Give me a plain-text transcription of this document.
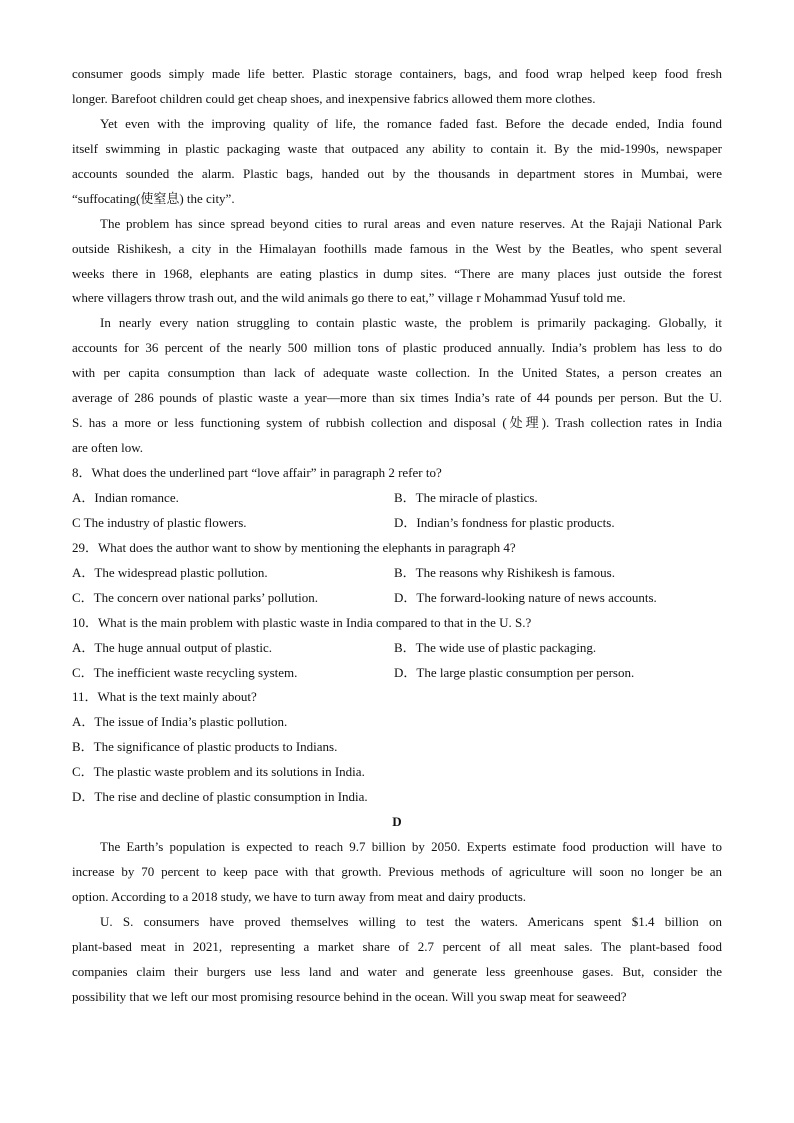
consumer goods simply made life better. Plastic storage containers, bags, and food wrap helped keep food fresh
longer. Barefoot children could get cheap shoes, and inexpensive fabrics allowed them more clothes.
Yet even with the improving quality of life, the romance faded fast. Before the decade ended, India found
itself swimming in plastic packaging waste that outpaced any ability to contain it. By the mid-1990s, newspaper
accounts sounded the alarm. Plastic bags, handed out by the thousands in department stores in Mumbai, were
“suffocating(使窒息) the city”.
The problem has since spread beyond cities to rural areas and even nature reserves. At the Rajaji National Park
outside Rishikesh, a city in the Himalayan foothills made famous in the West by the Beatles, who spent several
weeks there in 1968, elephants are eating plastics in dump sites. “There are many places just outside the forest
where villagers throw trash out, and the wild animals go there to eat,” village r Mohammad Yusuf told me.
In nearly every nation struggling to contain plastic waste, the problem is primarily packaging. Globally, it
accounts for 36 percent of the nearly 500 million tons of plastic produced annually. India’s problem has less to do
with per capita consumption than lack of adequate waste collection. In the United States, a person creates an
average of 286 pounds of plastic waste a year—more than six times India’s rate of 44 pounds per person. But the U.
S. has a more or less functioning system of rubbish collection and disposal (处理). Trash collection rates in India
are often low.
8．What does the underlined part “love affair” in paragraph 2 refer to?
A．Indian romance.	B．The miracle of plastics.
C The industry of plastic flowers.	D．Indian’s fondness for plastic products.
29．What does the author want to show by mentioning the elephants in paragraph 4?
A．The widespread plastic pollution.	B．The reasons why Rishikesh is famous.
C．The concern over national parks’ pollution.	D．The forward-looking nature of news accounts.
10．What is the main problem with plastic waste in India compared to that in the U. S.?
A．The huge annual output of plastic.	B．The wide use of plastic packaging.
C．The inefficient waste recycling system.	D．The large plastic consumption per person.
11．What is the text mainly about?
A．The issue of India’s plastic pollution.
B．The significance of plastic products to Indians.
C．The plastic waste problem and its solutions in India.
D．The rise and decline of plastic consumption in India.
D
The Earth’s population is expected to reach 9.7 billion by 2050. Experts estimate food production will have to
increase by 70 percent to keep pace with that growth. Previous methods of agriculture will soon no longer be an
option. According to a 2018 study, we have to turn away from meat and dairy products.
U. S. consumers have proved themselves willing to test the waters. Americans spent $1.4 billion on
plant-based meat in 2021, representing a market share of 2.7 percent of all meat sales. The plant-based food
companies claim their burgers use less land and water and generate less greenhouse gases. But, consider the
possibility that we left our most promising resource behind in the ocean. Will you swap meat for seaweed?
